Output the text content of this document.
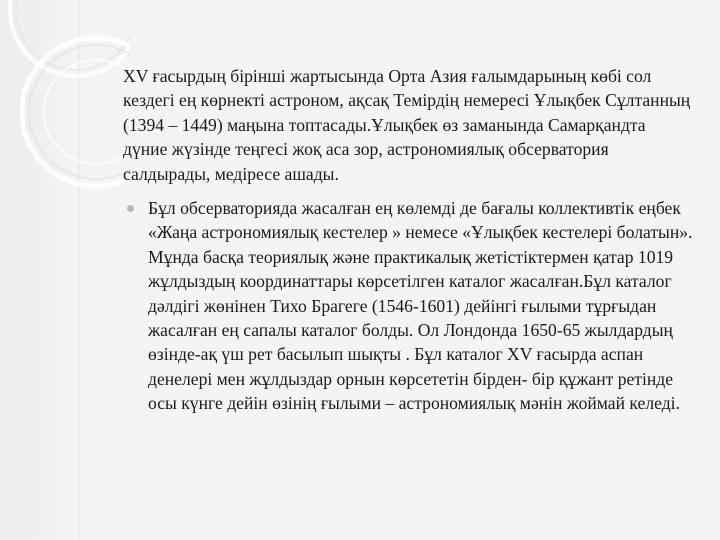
XV ғасырдың бірінші жартысында Орта Азия ғалымдарының көбі сол кездегі ең көрнекті астроном, ақсақ Темірдің немересі Ұлықбек Сұлтанның (1394 – 1449) маңына топтасады.Ұлықбек өз заманында Самарқандта дүние жүзінде теңгесі жоқ аса зор, астрономиялық обсерватория салдырады, медіресе ашады.

Бұл обсерваторияда жасалған ең көлемді де бағалы коллективтік еңбек «Жаңа астрономиялық кестелер » немесе «Ұлықбек кестелері болатын». Мұнда басқа теориялық және практикалық жетістіктермен қатар 1019 жұлдыздың координаттары көрсетілген каталог жасалған.Бұл каталог дәлдігі жөнінен Тихо Брагеге (1546-1601) дейінгі ғылыми тұрғыдан жасалған ең сапалы каталог болды. Ол Лондонда 1650-65 жылдардың өзінде-ақ үш рет басылып шықты . Бұл каталог XV ғасырда аспан денелері мен жұлдыздар орнын көрсететін бірден- бір құжант ретінде осы күнге дейін өзінің ғылыми – астрономиялық мәнін жоймай келеді.
